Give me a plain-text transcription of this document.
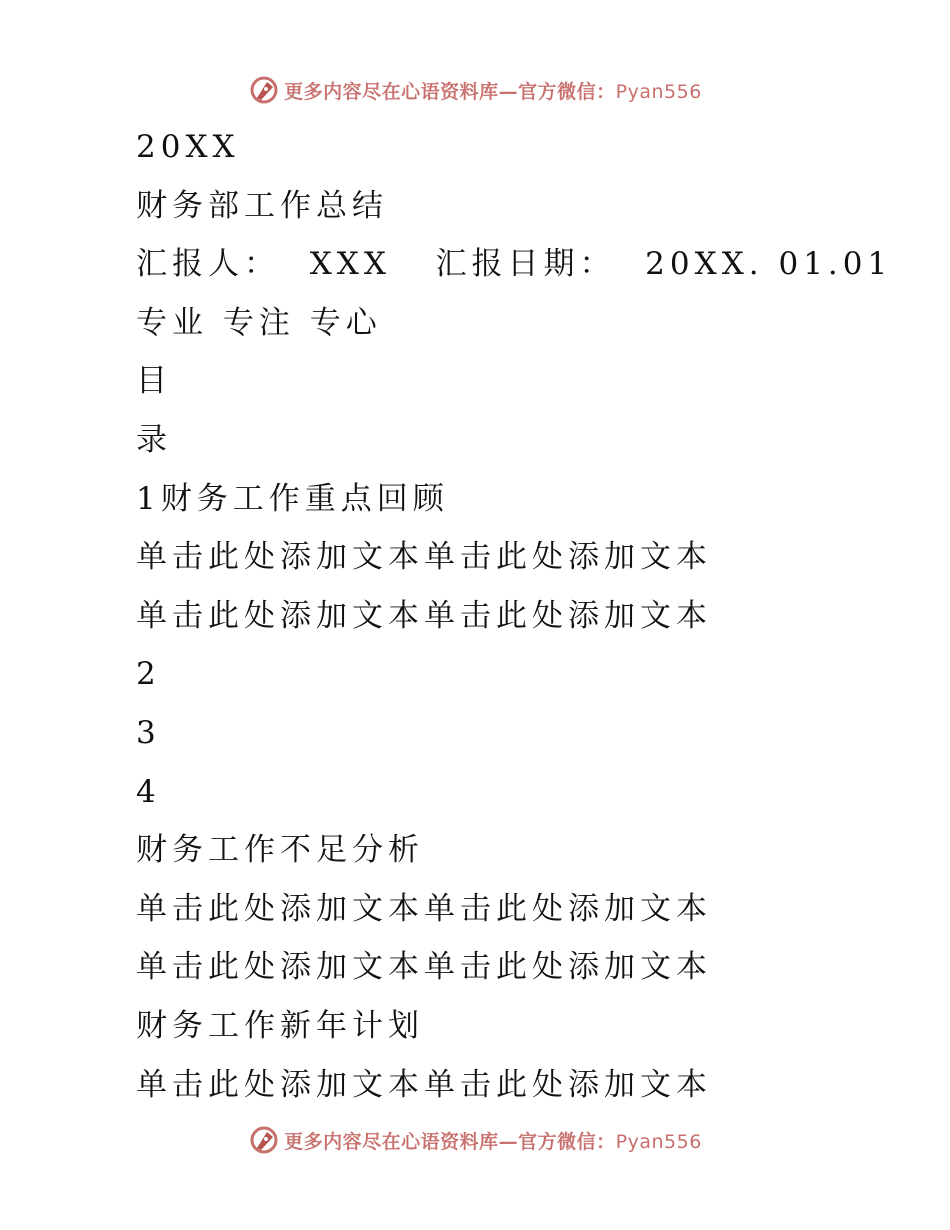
更多内容尽在心语资料库—官方微信：Pyan556
20XX
财务部工作总结
汇报人：  XXX   汇报日期：  20XX. 01.01
专业 专注 专心
目
录
1财务工作重点回顾
单击此处添加文本单击此处添加文本
单击此处添加文本单击此处添加文本
2
3
4
财务工作不足分析
单击此处添加文本单击此处添加文本
单击此处添加文本单击此处添加文本
财务工作新年计划
单击此处添加文本单击此处添加文本
更多内容尽在心语资料库—官方微信：Pyan556
